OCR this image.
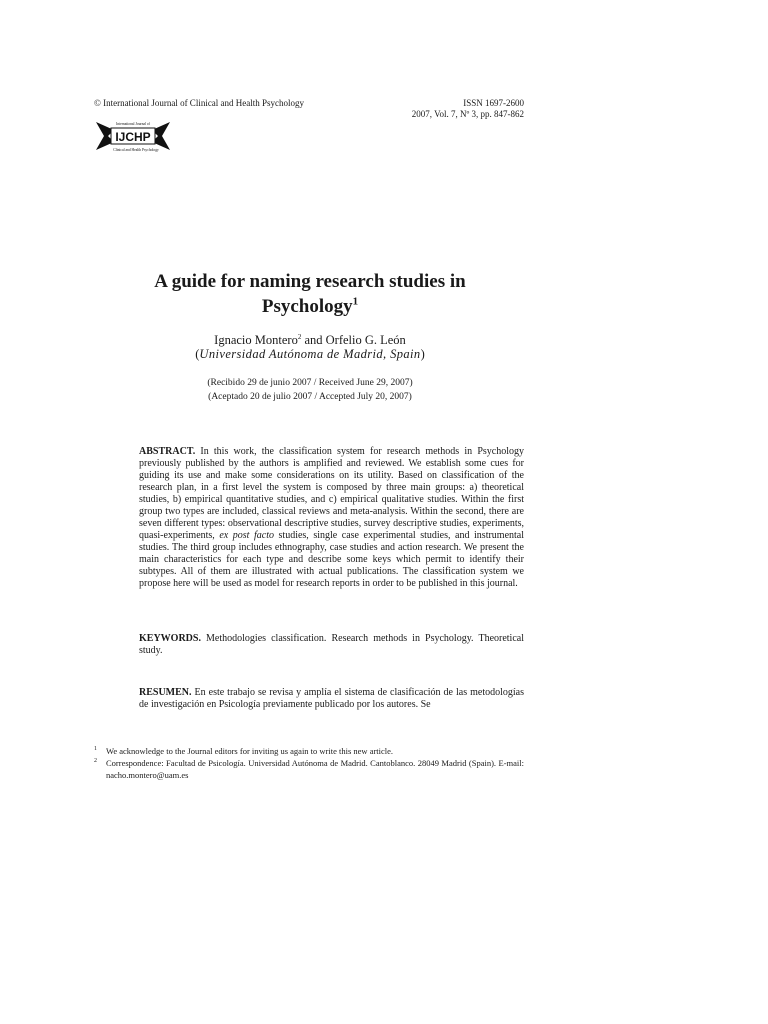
© International Journal of Clinical and Health Psychology	ISSN 1697-2600
2007, Vol. 7, Nº 3, pp. 847-862
IJCHP
International Journal of
Clinical and Health Psychology
A guide for naming research studies in
Psychology$^1$
Ignacio Montero$^2$ and Orfelio G. León
(Universidad Autónoma de Madrid, Spain)
(Recibido 29 de junio 2007 / Received June 29, 2007)
(Aceptado 20 de julio 2007 / Accepted July 20, 2007)
ABSTRACT. In this work, the classification system for research methods in Psychology previously published by the authors is amplified and reviewed. We establish some cues for guiding its use and make some considerations on its utility. Based on classification of the research plan, in a first level the system is composed by three main groups: a) theoretical studies, b) empirical quantitative studies, and c) empirical qualitative studies. Within the first group two types are included, classical reviews and meta-analysis. Within the second, there are seven different types: observational descriptive studies, survey descriptive studies, experiments, quasi-experiments, ex post facto studies, single case experimental studies, and instrumental studies. The third group includes ethnography, case studies and action research. We present the main characteristics for each type and describe some keys which permit to identify their subtypes. All of them are illustrated with actual publications. The classification system we propose here will be used as model for research reports in order to be published in this journal.
KEYWORDS. Methodologies classification. Research methods in Psychology. Theoretical study.
RESUMEN. En este trabajo se revisa y amplía el sistema de clasificación de las metodologías de investigación en Psicología previamente publicado por los autores. Se
1 We acknowledge to the Journal editors for inviting us again to write this new article.
2 Correspondence: Facultad de Psicología. Universidad Autónoma de Madrid. Cantoblanco. 28049 Madrid (Spain). E-mail: nacho.montero@uam.es
